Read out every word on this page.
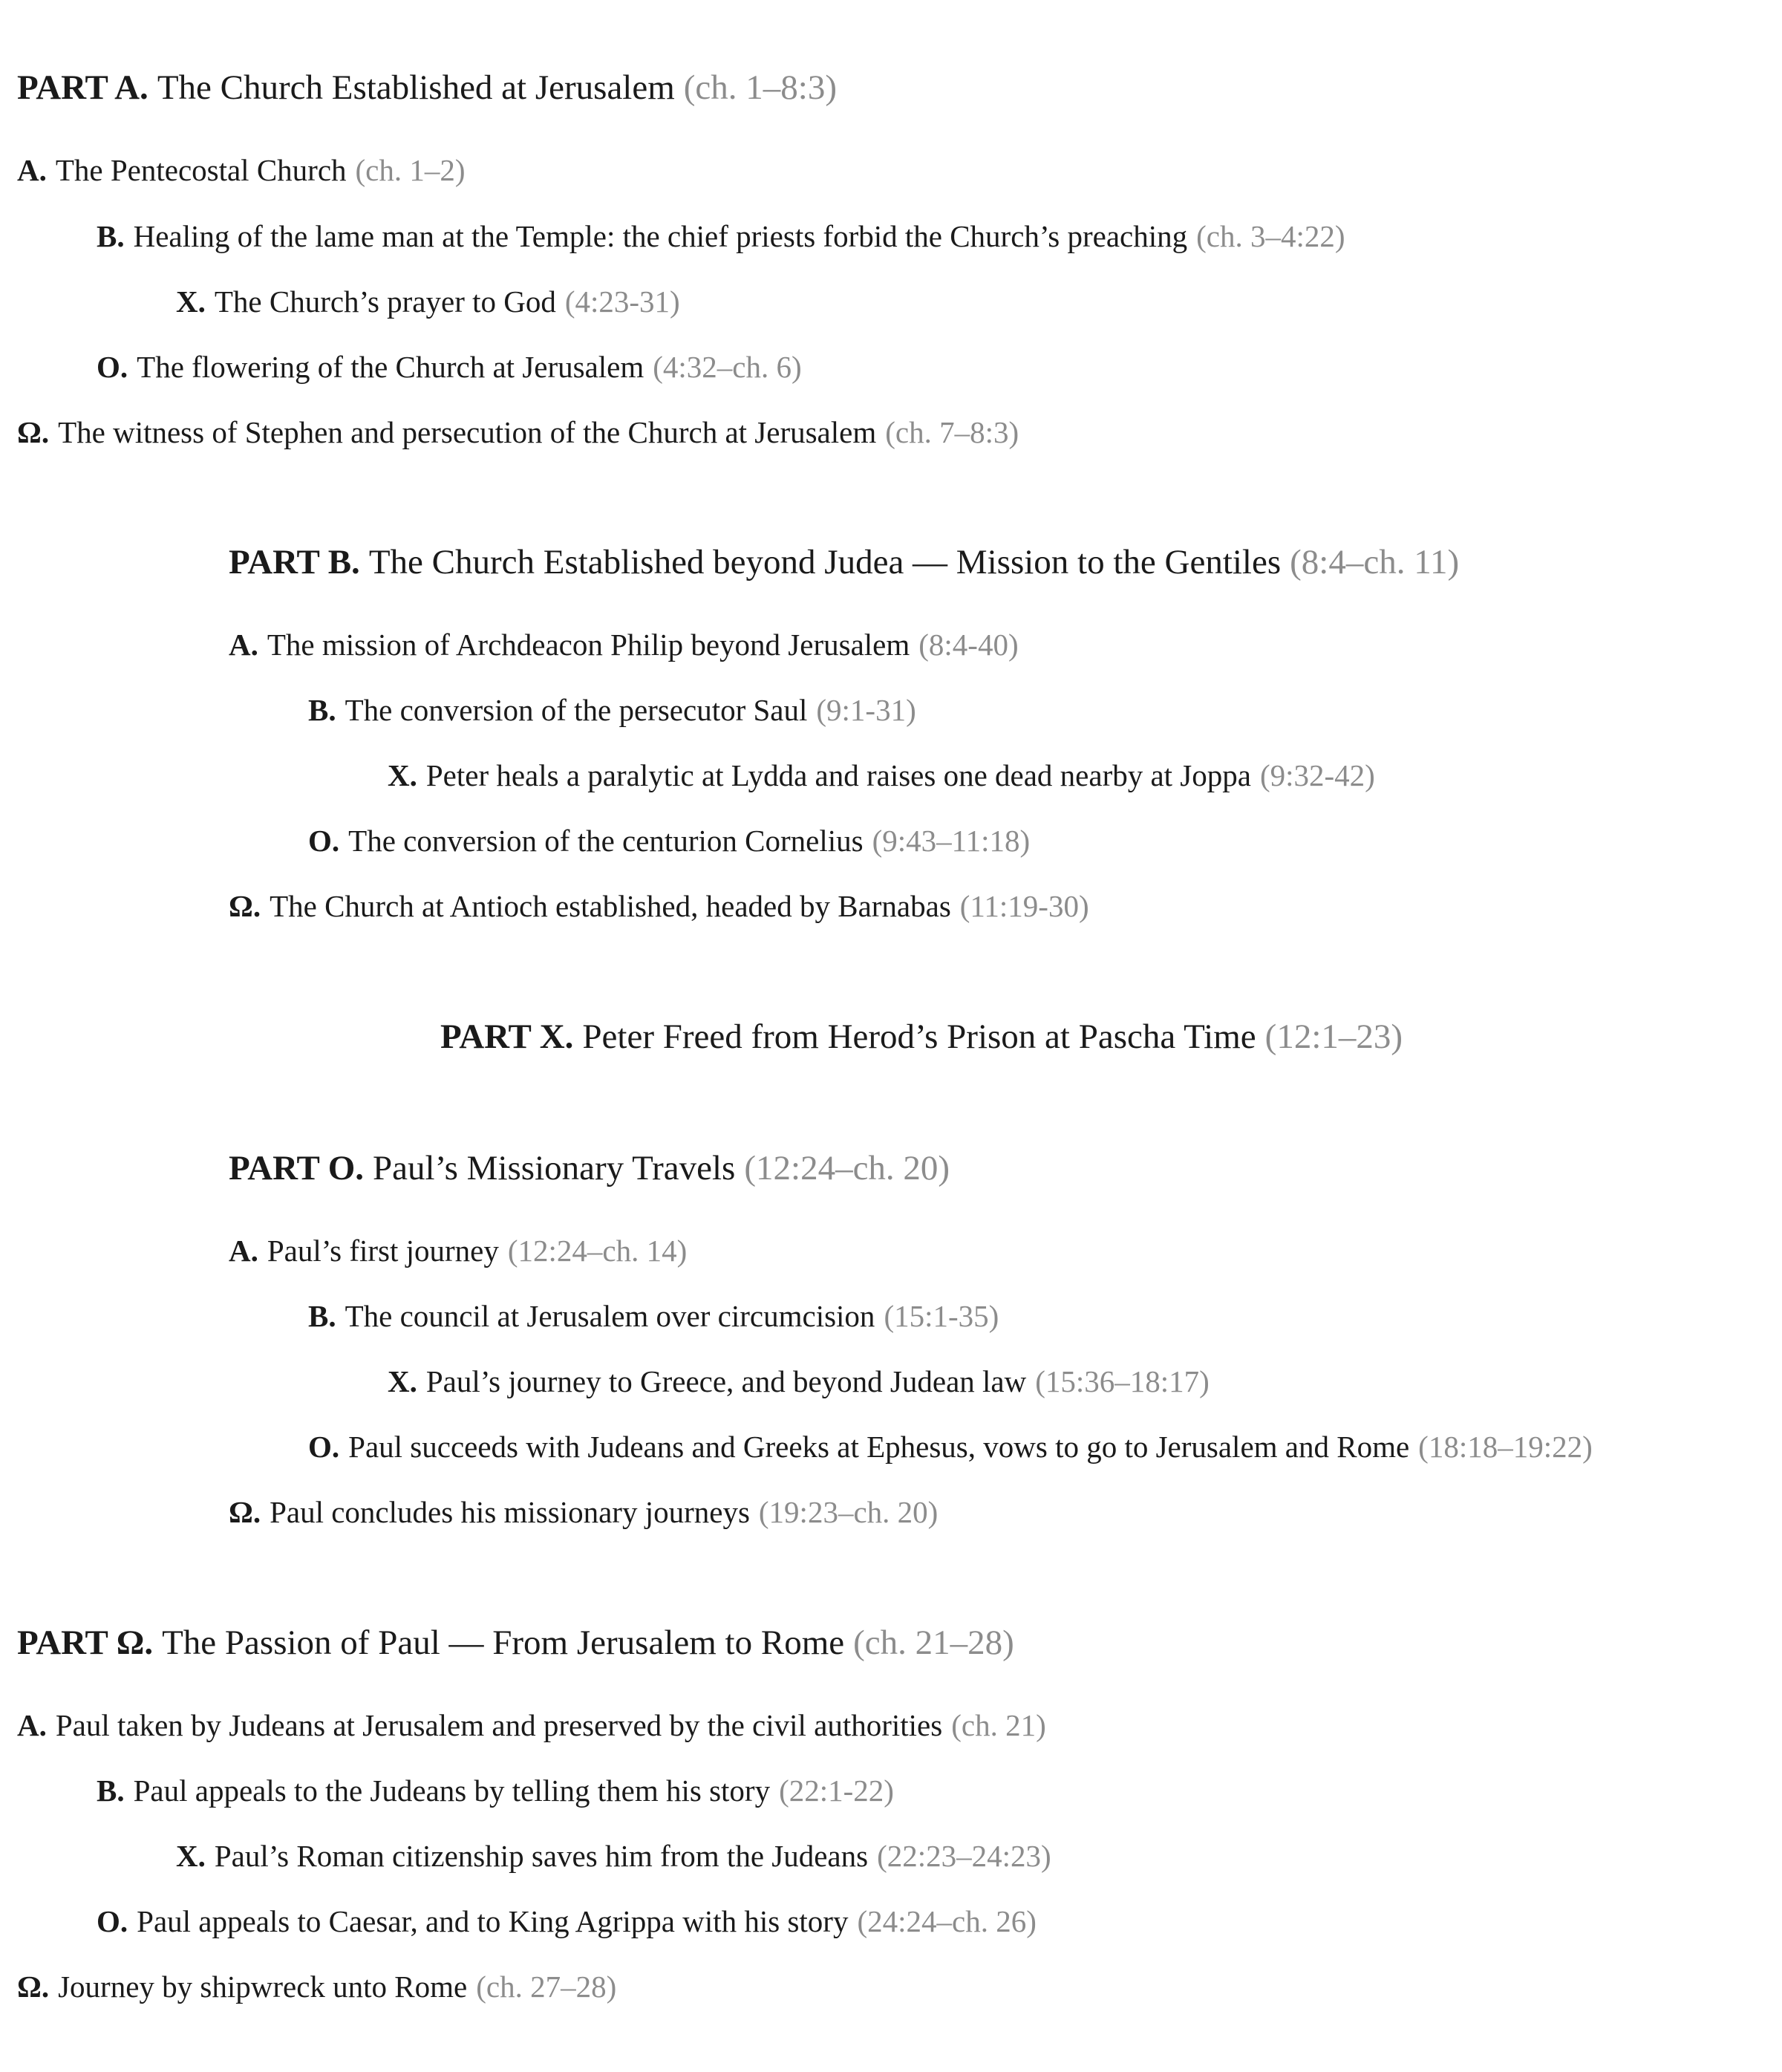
PART A. The Church Established at Jerusalem (ch. 1–8:3)
A. The Pentecostal Church (ch. 1–2)
B. Healing of the lame man at the Temple: the chief priests forbid the Church’s preaching (ch. 3–4:22)
X. The Church’s prayer to God (4:23-31)
O. The flowering of the Church at Jerusalem (4:32–ch. 6)
Ω. The witness of Stephen and persecution of the Church at Jerusalem (ch. 7–8:3)
PART B. The Church Established beyond Judea — Mission to the Gentiles (8:4–ch. 11)
A. The mission of Archdeacon Philip beyond Jerusalem (8:4-40)
B. The conversion of the persecutor Saul (9:1-31)
X. Peter heals a paralytic at Lydda and raises one dead nearby at Joppa (9:32-42)
O. The conversion of the centurion Cornelius (9:43–11:18)
Ω. The Church at Antioch established, headed by Barnabas (11:19-30)
PART X. Peter Freed from Herod’s Prison at Pascha Time (12:1–23)
PART O. Paul’s Missionary Travels (12:24–ch. 20)
A. Paul’s first journey (12:24–ch. 14)
B. The council at Jerusalem over circumcision (15:1-35)
X. Paul’s journey to Greece, and beyond Judean law (15:36–18:17)
O. Paul succeeds with Judeans and Greeks at Ephesus, vows to go to Jerusalem and Rome (18:18–19:22)
Ω. Paul concludes his missionary journeys (19:23–ch. 20)
PART Ω. The Passion of Paul — From Jerusalem to Rome (ch. 21–28)
A. Paul taken by Judeans at Jerusalem and preserved by the civil authorities (ch. 21)
B. Paul appeals to the Judeans by telling them his story (22:1-22)
X. Paul’s Roman citizenship saves him from the Judeans (22:23–24:23)
O. Paul appeals to Caesar, and to King Agrippa with his story (24:24–ch. 26)
Ω. Journey by shipwreck unto Rome (ch. 27–28)
